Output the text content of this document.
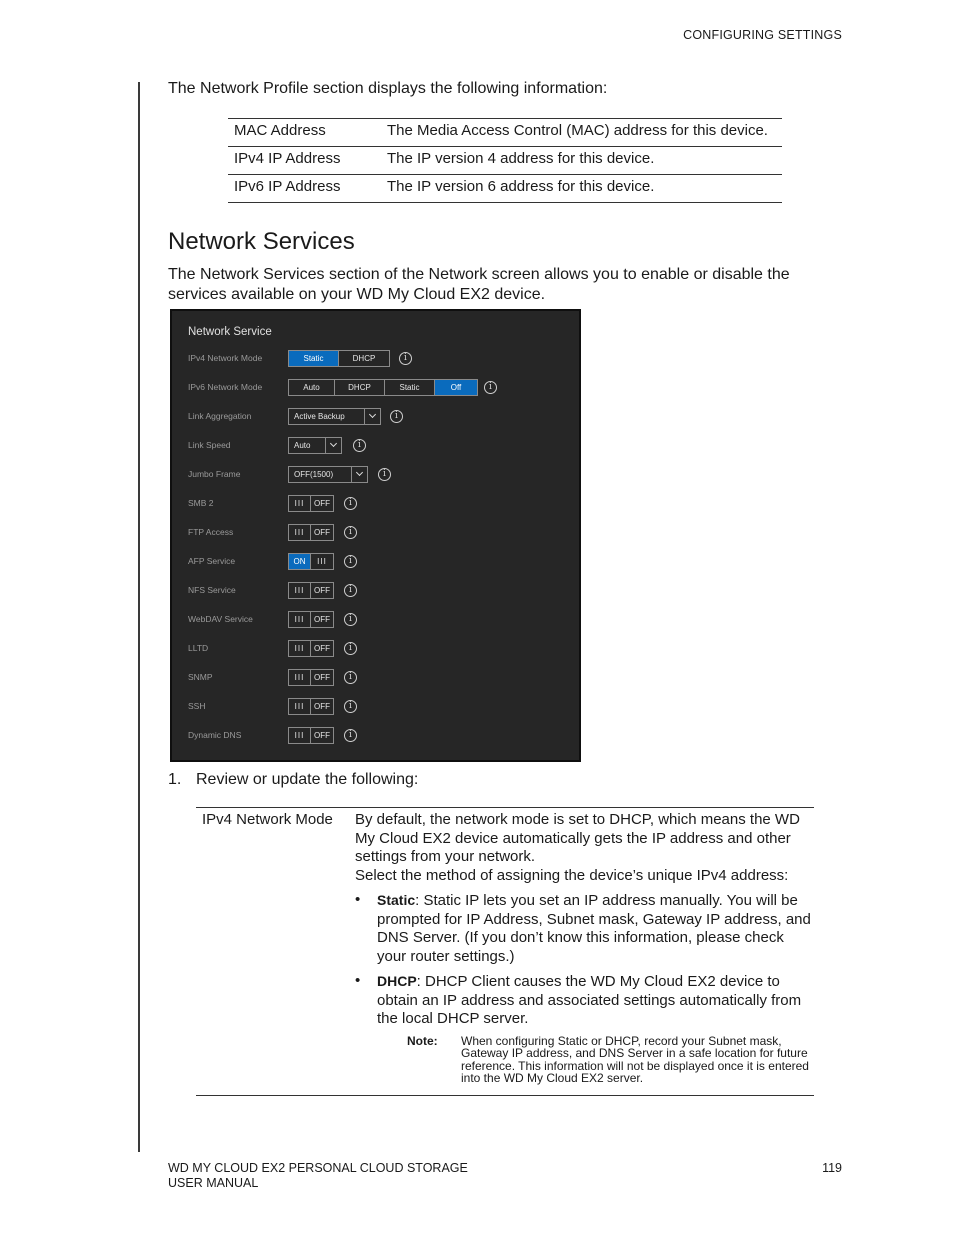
CONFIGURING SETTINGS

The Network Profile section displays the following information:

MAC Address	The Media Access Control (MAC) address for this device.
IPv4 IP Address	The IP version 4 address for this device.
IPv6 IP Address	The IP version 6 address for this device.
Network Services

The Network Services section of the Network screen allows you to enable or disable the services available on your WD My Cloud EX2 device.

Network Service
IPv4 Network Mode	Static	DHCP	i
IPv6 Network Mode	Auto	DHCP	Static	Off	i
Link Aggregation	Active Backup	i
Link Speed	Auto	i
Jumbo Frame	OFF(1500)	i
SMB 2	III	OFF	i
FTP Access	III	OFF	i
AFP Service	ON	III	i
NFS Service	III	OFF	i
WebDAV Service	III	OFF	i
LLTD	III	OFF	i
SNMP	III	OFF	i
SSH	III	OFF	i
Dynamic DNS	III	OFF	i

1. Review or update the following:

IPv4 Network Mode	By default, the network mode is set to DHCP, which means the WD My Cloud EX2 device automatically gets the IP address and other settings from your network.
Select the method of assigning the device’s unique IPv4 address:
•	Static: Static IP lets you set an IP address manually. You will be prompted for IP Address, Subnet mask, Gateway IP address, and DNS Server. (If you don’t know this information, please check your router settings.)
•	DHCP: DHCP Client causes the WD My Cloud EX2 device to obtain an IP address and associated settings automatically from the local DHCP server.
Note:	When configuring Static or DHCP, record your Subnet mask, Gateway IP address, and DNS Server in a safe location for future reference. This information will not be displayed once it is entered into the WD My Cloud EX2 server.
WD MY CLOUD EX2 PERSONAL CLOUD STORAGE
USER MANUAL
119
